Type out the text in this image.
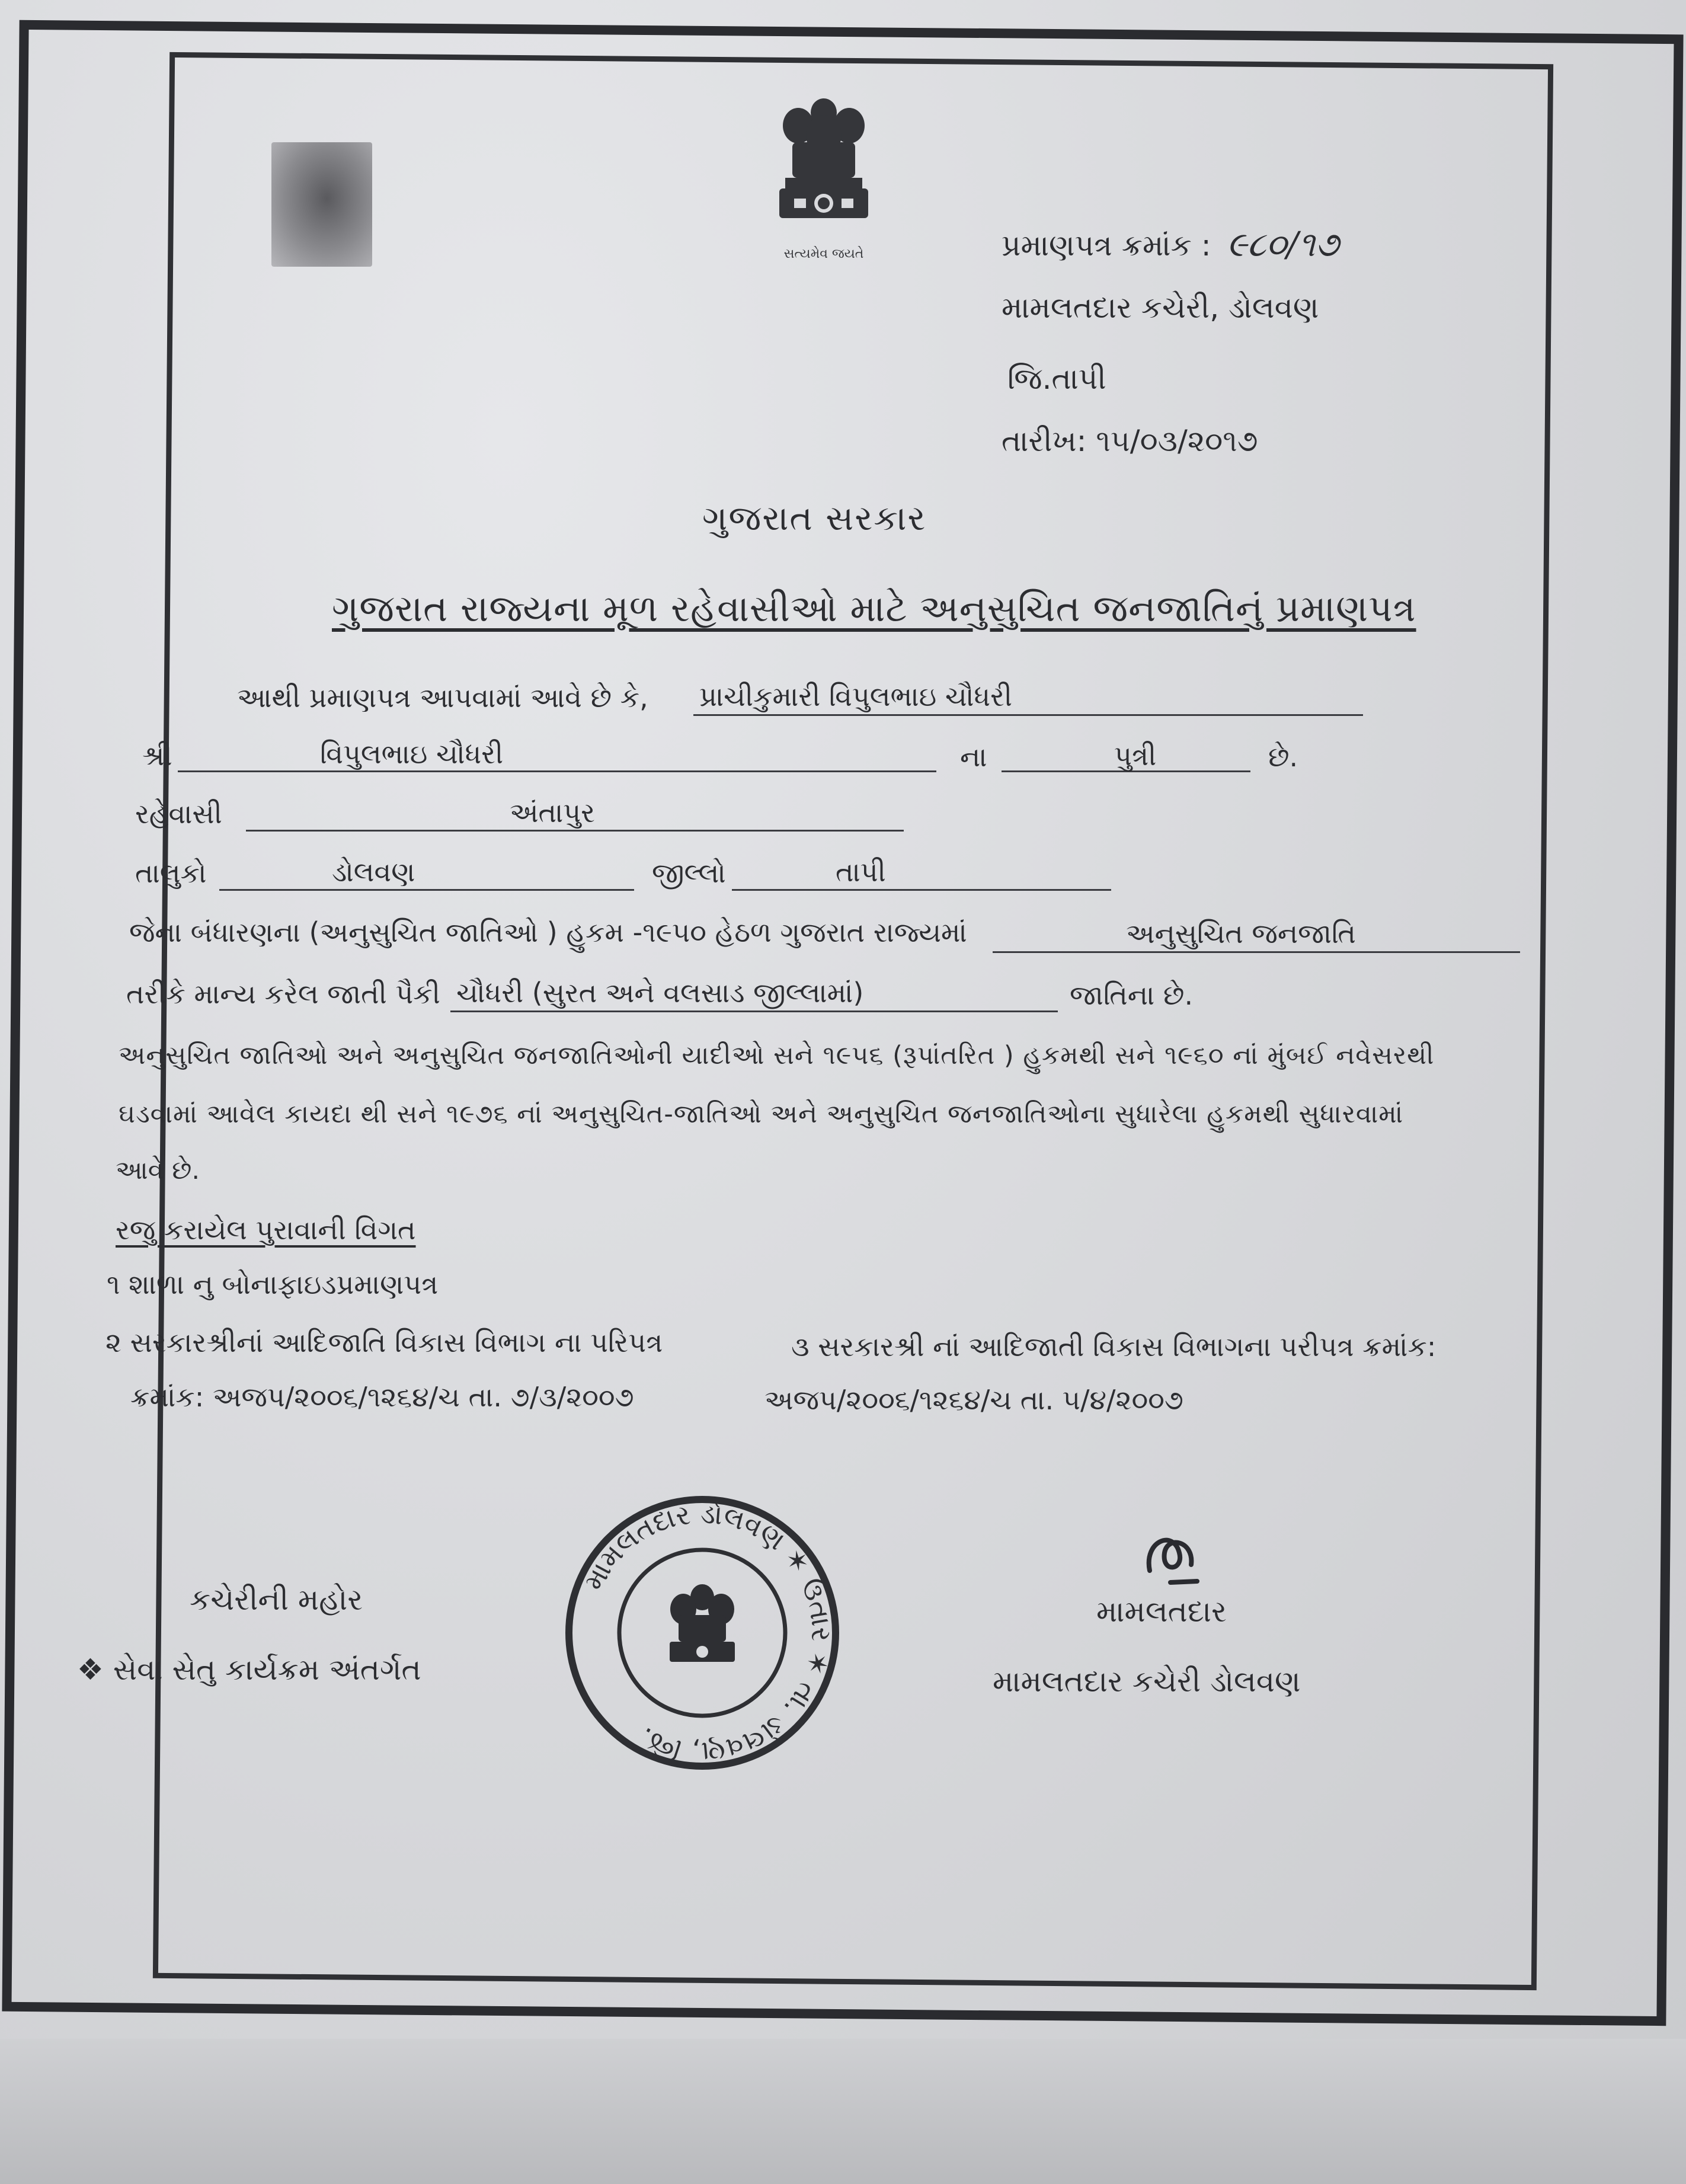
સત્યમેવ જયતે	પ્રમાણપત્ર ક્રમાંક : ૯૮૦/૧૭
મામલતદાર કચેરી, ડોલવણ
જિ.તાપી
તારીખ: ૧૫/૦૩/૨૦૧૭
ગુજરાત સરકાર
ગુજરાત રાજ્યના મૂળ રહેવાસીઓ માટે અનુસુચિત જનજાતિનું પ્રમાણપત્ર
આથી પ્રમાણપત્ર આપવામાં આવે છે કે, પ્રાચીકુમારી વિપુલભાઇ ચૌધરી
શ્રી	વિપુલભાઇ ચૌધરી	ના	પુત્રી	છે.
રહેવાસી	અંતાપુર
તાલુકો	ડોલવણ	જીલ્લો	તાપી
જેના બંધારણના (અનુસુચિત જાતિઓ ) હુકમ -૧૯૫૦ હેઠળ ગુજરાત રાજ્યમાં	અનુસુચિત જનજાતિ
તરીકે માન્ય કરેલ જાતી પૈકી ચૌધરી (સુરત અને વલસાડ જીલ્લામાં)	જાતિના છે.
અનુસુચિત જાતિઓ અને અનુસુચિત જનજાતિઓની યાદીઓ સને ૧૯૫૬ (રૂપાંતરિત ) હુકમથી સને ૧૯૬૦ નાં મુંબઈ નવેસરથી
ઘડવામાં આવેલ કાયદા થી સને ૧૯૭૬ નાં અનુસુચિત-જાતિઓ અને અનુસુચિત જનજાતિઓના સુધારેલા હુકમથી સુધારવામાં
આવે છે.
રજુ કરાયેલ પુરાવાની વિગત
૧ શાળા નુ બોનાફાઇડપ્રમાણપત્ર
૨ સરકારશ્રીનાં આદિજાતિ વિકાસ વિભાગ ના પરિપત્ર
ક્રમાંક: અજપ/૨૦૦૬/૧૨૬૪/ચ તા. ૭/૩/૨૦૦૭
૩ સરકારશ્રી નાં આદિજાતી વિકાસ વિભાગના પરીપત્ર ક્રમાંક:
અજપ/૨૦૦૬/૧૨૬૪/ચ તા. ૫/૪/૨૦૦૭
મામલતદાર ડોલવણ ✶ ઉતાર ✶ તા. ડોલવણ, જિ.
કચેરીની મહોર
❖ સેવા સેતુ કાર્યક્રમ અંતર્ગત
મામલતદાર
મામલતદાર કચેરી ડોલવણ
